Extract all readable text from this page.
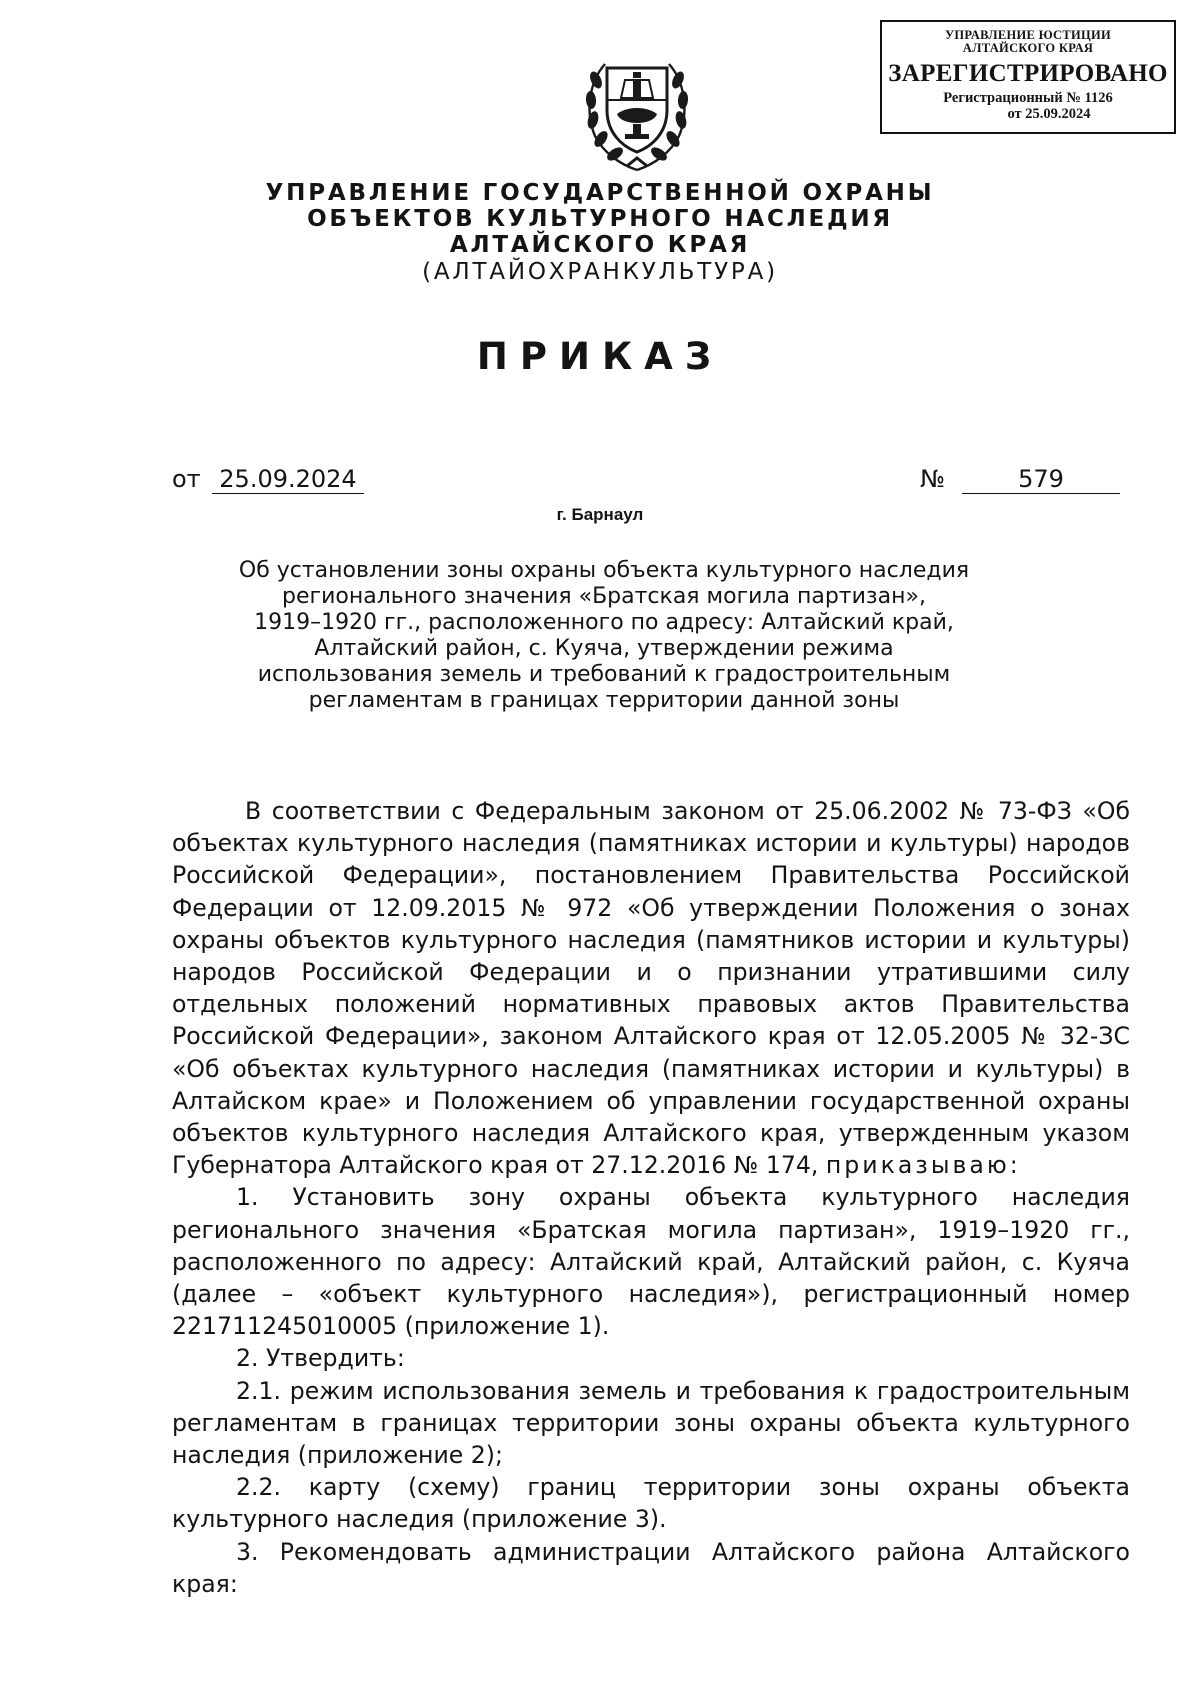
УПРАВЛЕНИЕ ЮСТИЦИИ
АЛТАЙСКОГО КРАЯ
ЗАРЕГИСТРИРОВАНО
Регистрационный № 1126
от 25.09.2024
УПРАВЛЕНИЕ ГОСУДАРСТВЕННОЙ ОХРАНЫ
ОБЪЕКТОВ КУЛЬТУРНОГО НАСЛЕДИЯ
АЛТАЙСКОГО КРАЯ
(АЛТАЙОХРАНКУЛЬТУРА)
ПРИКАЗ
от 25.09.2024	№	579
г. Барнаул
Об установлении зоны охраны объекта культурного наследия
регионального значения «Братская могила партизан»,
1919–1920 гг., расположенного по адресу: Алтайский край,
Алтайский район, с. Куяча, утверждении режима
использования земель и требований к градостроительным
регламентам в границах территории данной зоны

В соответствии с Федеральным законом от 25.06.2002 № 73-ФЗ «Об объектах культурного наследия (памятниках истории и культуры) народов Российской Федерации», постановлением Правительства Российской Федерации от 12.09.2015 № 972 «Об утверждении Положения о зонах охраны объектов культурного наследия (памятников истории и культуры) народов Российской Федерации и о признании утратившими силу отдельных положений нормативных правовых актов Правительства Российской Федерации», законом Алтайского края от 12.05.2005 № 32-ЗС «Об объектах культурного наследия (памятниках истории и культуры) в Алтайском крае» и Положением об управлении государственной охраны объектов культурного наследия Алтайского края, утвержденным указом Губернатора Алтайского края от 27.12.2016 № 174, приказываю:

1. Установить зону охраны объекта культурного наследия регионального значения «Братская могила партизан», 1919–1920 гг., расположенного по адресу: Алтайский край, Алтайский район, с. Куяча (далее – «объект культурного наследия»), регистрационный номер 221711245010005 (приложение 1).

2. Утвердить:

2.1. режим использования земель и требования к градостроительным регламентам в границах территории зоны охраны объекта культурного наследия (приложение 2);

2.2. карту (схему) границ территории зоны охраны объекта культурного наследия (приложение 3).

3. Рекомендовать администрации Алтайского района Алтайского края:
